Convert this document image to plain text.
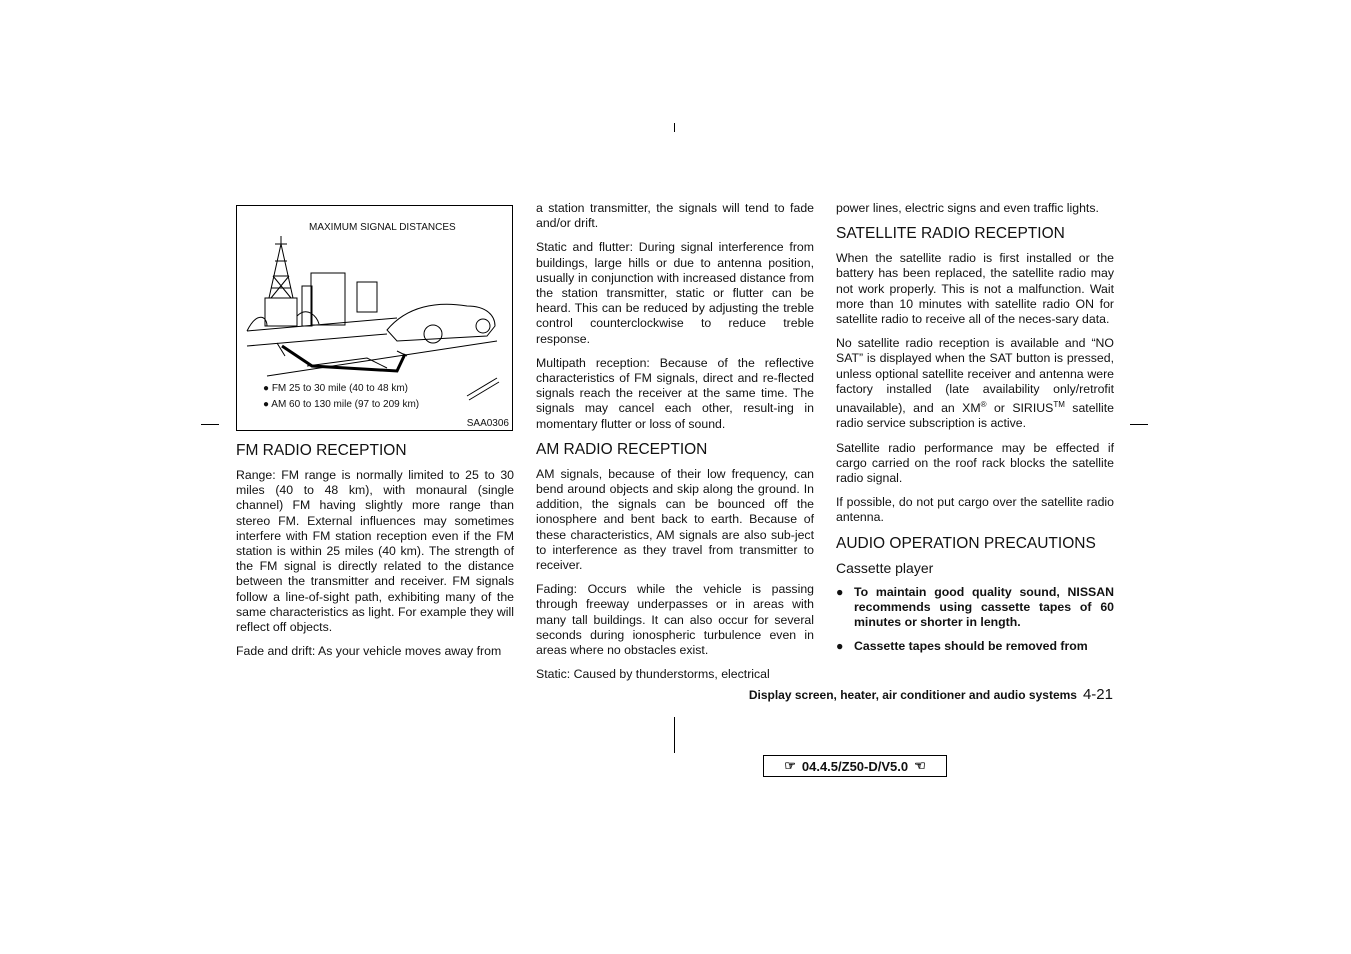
MAXIMUM SIGNAL DISTANCES
● FM 25 to 30 mile (40 to 48 km)
● AM 60 to 130 mile (97 to 209 km)
SAA0306
FM RADIO RECEPTION

Range: FM range is normally limited to 25 to 30 miles (40 to 48 km), with monaural (single channel) FM having slightly more range than stereo FM. External influences may sometimes interfere with FM station reception even if the FM station is within 25 miles (40 km). The strength of the FM signal is directly related to the distance between the transmitter and receiver. FM signals follow a line-of-sight path, exhibiting many of the same characteristics as light. For example they will reflect off objects.

Fade and drift: As your vehicle moves away from

a station transmitter, the signals will tend to fade and/or drift.

Static and flutter: During signal interference from buildings, large hills or due to antenna position, usually in conjunction with increased distance from the station transmitter, static or flutter can be heard. This can be reduced by adjusting the treble control counterclockwise to reduce treble response.

Multipath reception: Because of the reflective characteristics of FM signals, direct and re-flected signals reach the receiver at the same time. The signals may cancel each other, result-ing in momentary flutter or loss of sound.

AM RADIO RECEPTION

AM signals, because of their low frequency, can bend around objects and skip along the ground. In addition, the signals can be bounced off the ionosphere and bent back to earth. Because of these characteristics, AM signals are also sub-ject to interference as they travel from transmitter to receiver.

Fading: Occurs while the vehicle is passing through freeway underpasses or in areas with many tall buildings. It can also occur for several seconds during ionospheric turbulence even in areas where no obstacles exist.

Static: Caused by thunderstorms, electrical

power lines, electric signs and even traffic lights.

SATELLITE RADIO RECEPTION

When the satellite radio is first installed or the battery has been replaced, the satellite radio may not work properly. This is not a malfunction. Wait more than 10 minutes with satellite radio ON for satellite radio to receive all of the neces-sary data.

No satellite radio reception is available and “NO SAT” is displayed when the SAT button is pressed, unless optional satellite receiver and antenna were factory installed (late availability only/retrofit unavailable), and an XM® or SIRIUS™ satellite radio service subscription is active.

Satellite radio performance may be effected if cargo carried on the roof rack blocks the satellite radio signal.

If possible, do not put cargo over the satellite radio antenna.

AUDIO OPERATION PRECAUTIONS
Cassette player
● To maintain good quality sound, NISSAN recommends using cassette tapes of 60 minutes or shorter in length.
● Cassette tapes should be removed from
Display screen, heater, air conditioner and audio systems 4-21
☞ 04.4.5/Z50-D/V5.0 ☜
